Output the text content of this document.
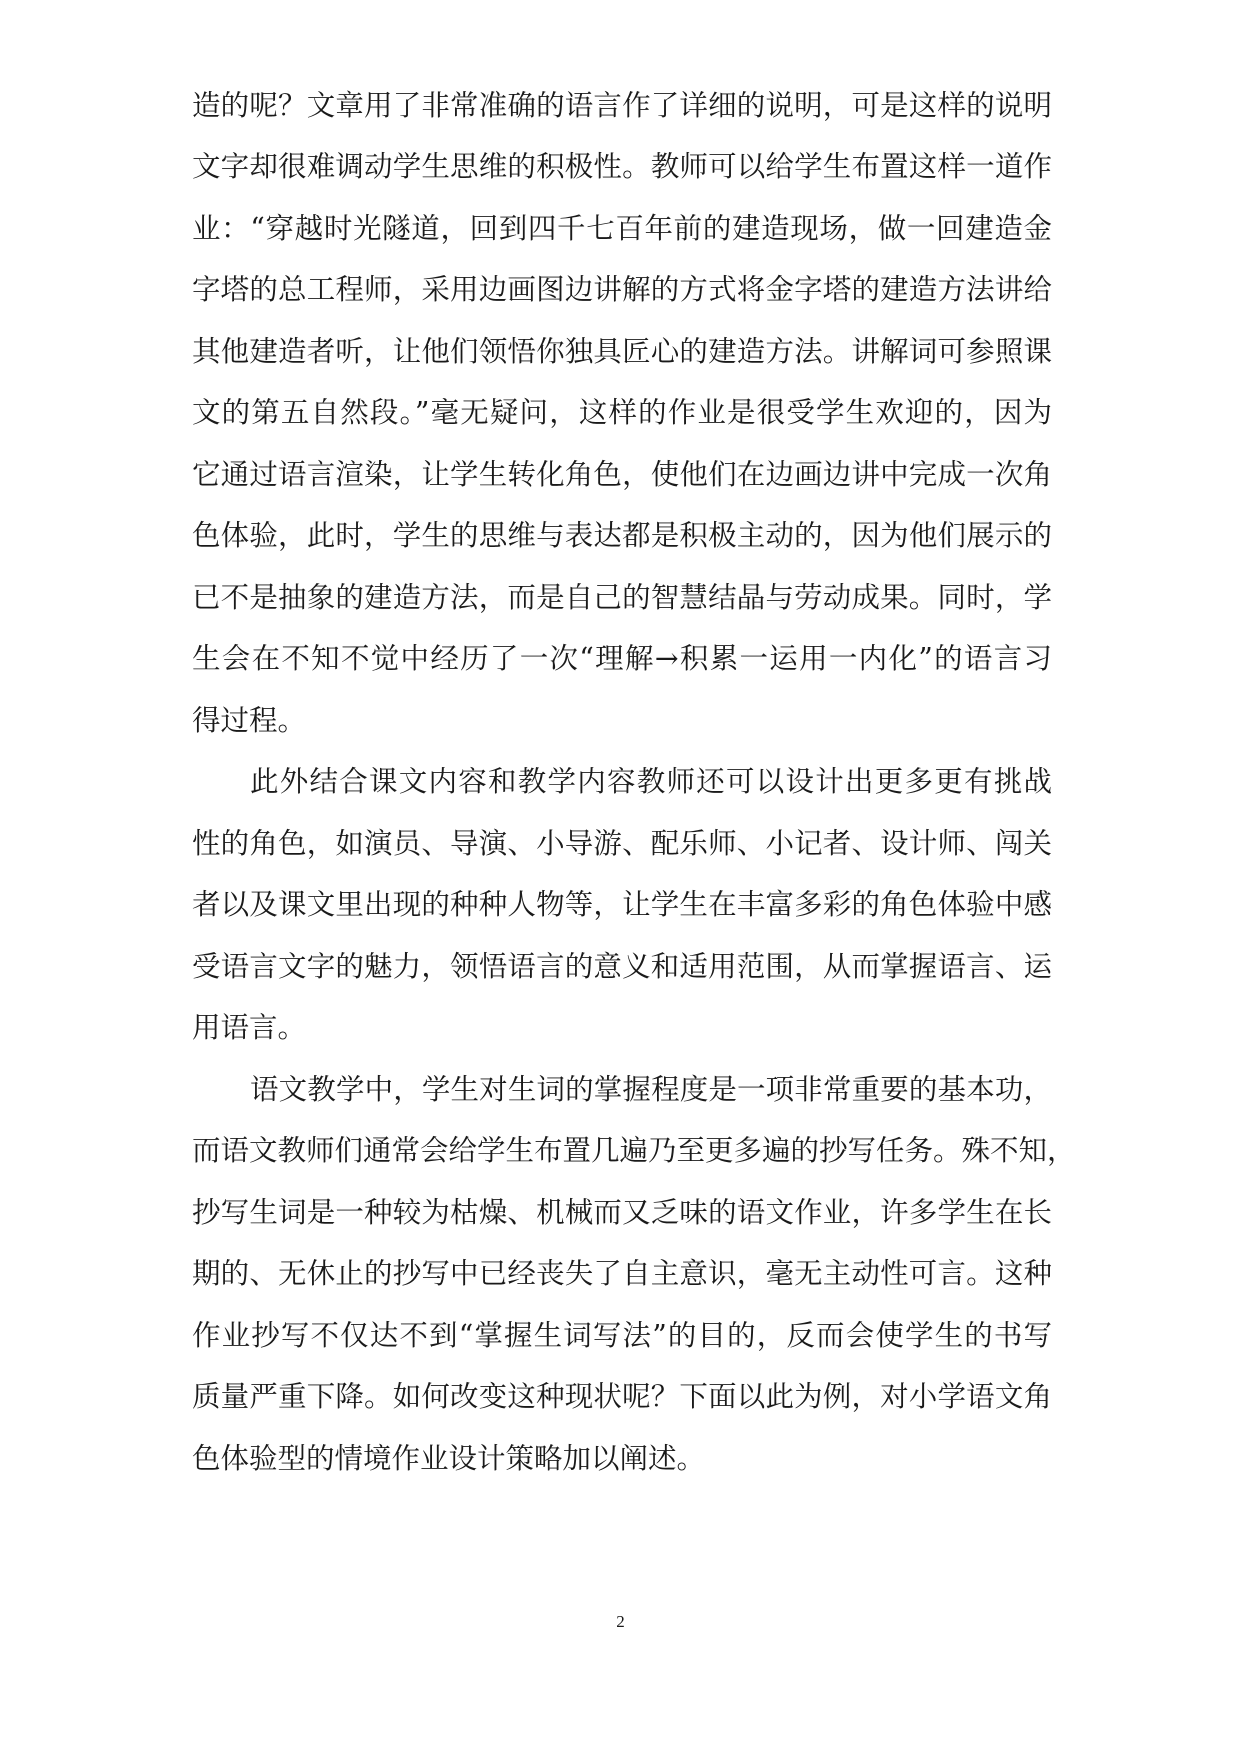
造的呢？文章用了非常准确的语言作了详细的说明，可是这样的说明
文字却很难调动学生思维的积极性。教师可以给学生布置这样一道作
业：“穿越时光隧道，回到四千七百年前的建造现场，做一回建造金
字塔的总工程师，采用边画图边讲解的方式将金字塔的建造方法讲给
其他建造者听，让他们领悟你独具匠心的建造方法。讲解词可参照课
文的第五自然段。”毫无疑问，这样的作业是很受学生欢迎的，因为
它通过语言渲染，让学生转化角色，使他们在边画边讲中完成一次角
色体验，此时，学生的思维与表达都是积极主动的，因为他们展示的
已不是抽象的建造方法，而是自己的智慧结晶与劳动成果。同时，学
生会在不知不觉中经历了一次“理解→积累一运用一内化”的语言习
得过程。
此外结合课文内容和教学内容教师还可以设计出更多更有挑战
性的角色，如演员、导演、小导游、配乐师、小记者、设计师、闯关
者以及课文里出现的种种人物等，让学生在丰富多彩的角色体验中感
受语言文字的魅力，领悟语言的意义和适用范围，从而掌握语言、运
用语言。
语文教学中，学生对生词的掌握程度是一项非常重要的基本功，
而语文教师们通常会给学生布置几遍乃至更多遍的抄写任务。殊不知，
抄写生词是一种较为枯燥、机械而又乏味的语文作业，许多学生在长
期的、无休止的抄写中已经丧失了自主意识，毫无主动性可言。这种
作业抄写不仅达不到“掌握生词写法”的目的，反而会使学生的书写
质量严重下降。如何改变这种现状呢？下面以此为例，对小学语文角
色体验型的情境作业设计策略加以阐述。
2
